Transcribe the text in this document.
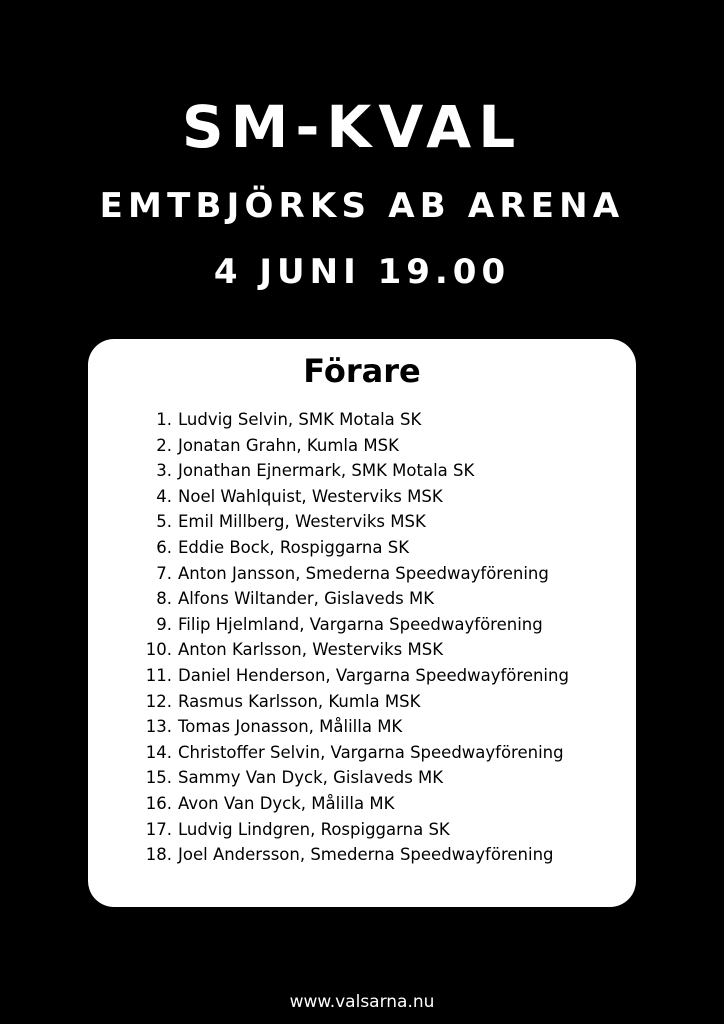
SM-KVAL
EMTBJÖRKS AB ARENA
4 JUNI 19.00
Förare
1. Ludvig Selvin, SMK Motala SK
2. Jonatan Grahn, Kumla MSK
3. Jonathan Ejnermark, SMK Motala SK
4. Noel Wahlquist, Westerviks MSK
5. Emil Millberg, Westerviks MSK
6. Eddie Bock, Rospiggarna SK
7. Anton Jansson, Smederna Speedwayförening
8. Alfons Wiltander, Gislaveds MK
9. Filip Hjelmland, Vargarna Speedwayförening
10. Anton Karlsson, Westerviks MSK
11. Daniel Henderson, Vargarna Speedwayförening
12. Rasmus Karlsson, Kumla MSK
13. Tomas Jonasson, Målilla MK
14. Christoffer Selvin, Vargarna Speedwayförening
15. Sammy Van Dyck, Gislaveds MK
16. Avon Van Dyck, Målilla MK
17. Ludvig Lindgren, Rospiggarna SK
18. Joel Andersson, Smederna Speedwayförening
www.valsarna.nu
